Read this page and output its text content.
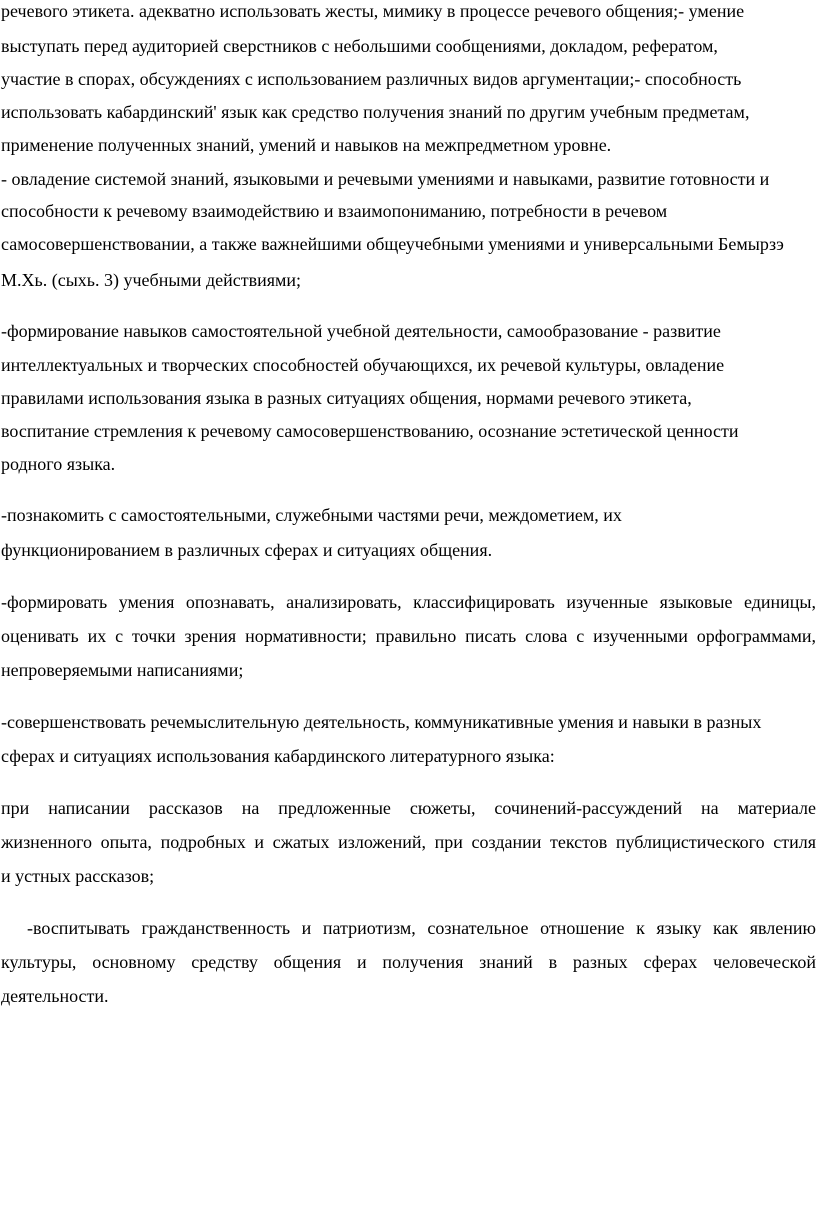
речевого этикета. адекватно использовать жесты, мимику в процессе речевого общения;- умение
выступать перед аудиторией сверстников с небольшими сообщениями, докладом, рефератом,
участие в спорах, обсуждениях с использованием различных видов аргументации;- способность
использовать кабардинский' язык как средство получения знаний по другим учебным предметам,
применение полученных знаний, умений и навыков на межпредметном уровне.
- овладение системой знаний, языковыми и речевыми умениями и навыками, развитие готовности и
способности к речевому взаимодействию и взаимопониманию, потребности в речевом
самосовершенствовании, а также важнейшими общеучебными умениями и универсальными Бемырзэ
М.Хь. (сыхь. 3) учебными действиями;
-формирование навыков самостоятельной учебной деятельности, самообразование - развитие
интеллектуальных и творческих способностей обучающихся, их речевой культуры, овладение
правилами использования языка в разных ситуациях общения, нормами речевого этикета,
воспитание стремления к речевому самосовершенствованию, осознание эстетической ценности
родного языка.
-познакомить с самостоятельными, служебными частями речи, междометием, их
функционированием в различных сферах и ситуациях общения.
-формировать умения опознавать, анализировать, классифицировать изученные языковые единицы,
оценивать их с точки зрения нормативности; правильно писать слова с изученными орфограммами,
непроверяемыми написаниями;
-совершенствовать речемыслительную деятельность, коммуникативные умения и навыки в разных
сферах и ситуациях использования кабардинского литературного языка:
при написании рассказов на предложенные сюжеты, сочинений-рассуждений на материале
жизненного опыта, подробных и сжатых изложений, при создании текстов публицистического стиля
и устных рассказов;
-воспитывать гражданственность и патриотизм, сознательное отношение к языку как явлению
культуры, основному средству общения и получения знаний в разных сферах человеческой
деятельности.
